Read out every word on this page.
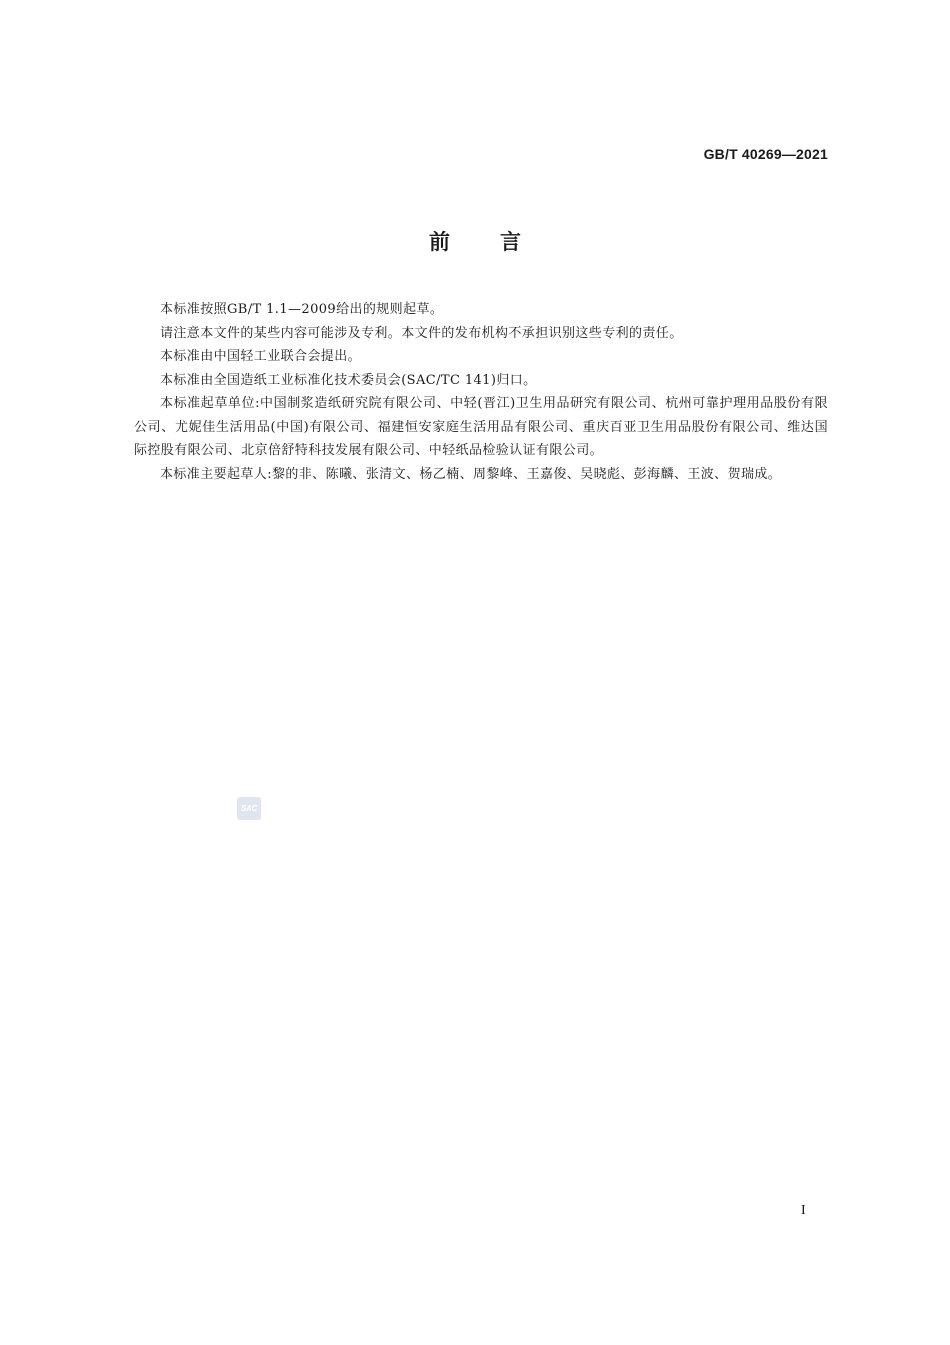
GB/T 40269—2021
前言

本标准按照GB/T 1.1—2009给出的规则起草。

请注意本文件的某些内容可能涉及专利。本文件的发布机构不承担识别这些专利的责任。

本标准由中国轻工业联合会提出。

本标准由全国造纸工业标准化技术委员会(SAC/TC 141)归口。

本标准起草单位:中国制浆造纸研究院有限公司、中轻(晋江)卫生用品研究有限公司、杭州可靠护理用品股份有限公司、尤妮佳生活用品(中国)有限公司、福建恒安家庭生活用品有限公司、重庆百亚卫生用品股份有限公司、维达国际控股有限公司、北京倍舒特科技发展有限公司、中轻纸品检验认证有限公司。

本标准主要起草人:黎的非、陈曦、张清文、杨乙楠、周黎峰、王嘉俊、吴晓彪、彭海麟、王波、贺瑞成。

SAC
I
